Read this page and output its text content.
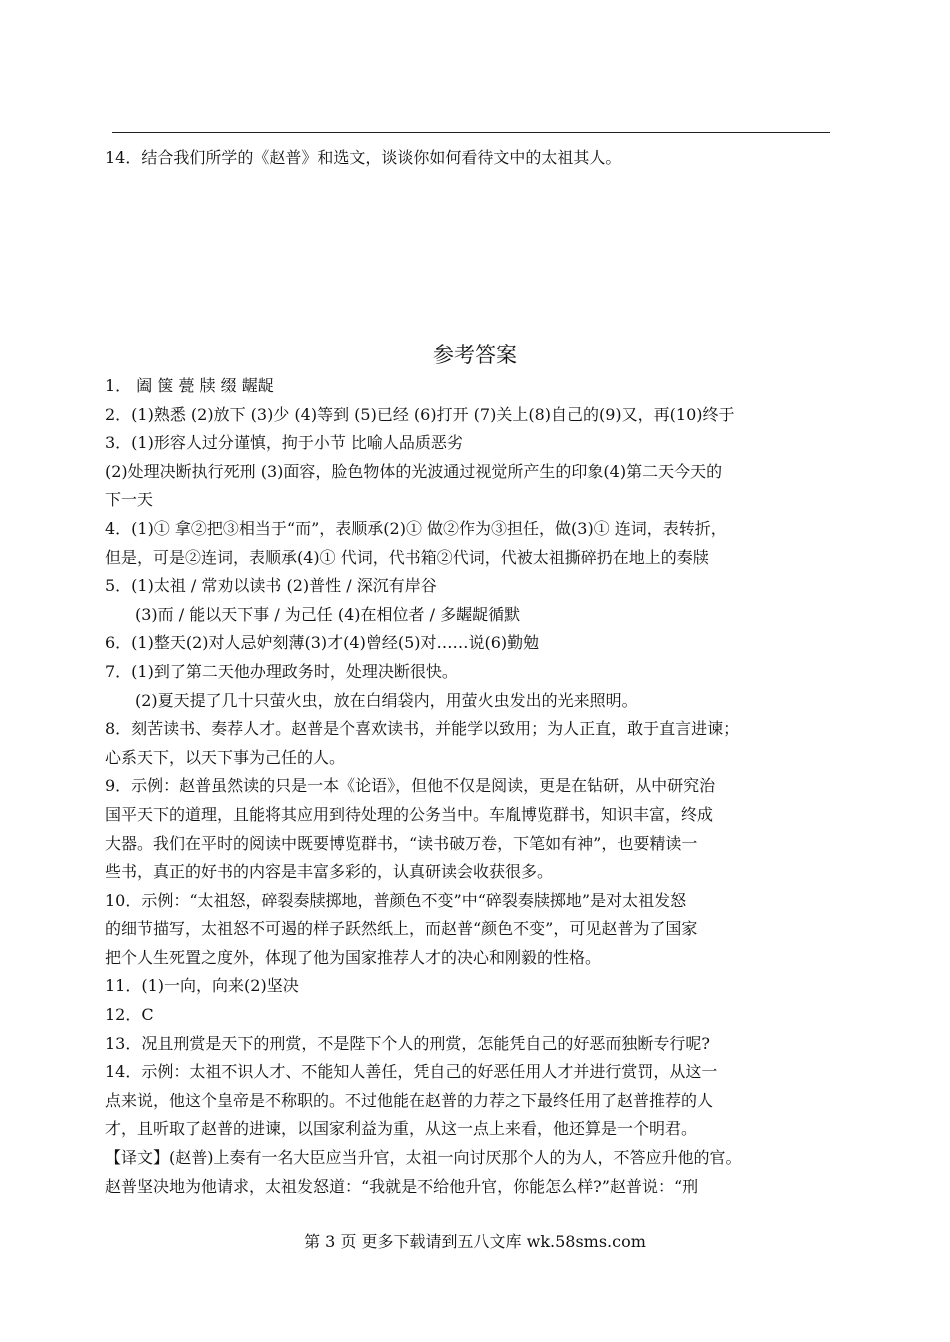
14．结合我们所学的《赵普》和选文，谈谈你如何看待文中的太祖其人。
参考答案
1． 阖 箧 甍 牍 缀 龌龊
2．(1)熟悉 (2)放下 (3)少 (4)等到 (5)已经 (6)打开 (7)关上(8)自己的(9)又，再(10)终于
3．(1)形容人过分谨慎，拘于小节 比喻人品质恶劣
(2)处理决断执行死刑 (3)面容，脸色物体的光波通过视觉所产生的印象(4)第二天今天的
下一天
4．(1)① 拿②把③相当于“而”，表顺承(2)① 做②作为③担任，做(3)① 连词，表转折，
但是，可是②连词，表顺承(4)① 代词，代书箱②代词，代被太祖撕碎扔在地上的奏牍
5．(1)太祖 / 常劝以读书 (2)普性 / 深沉有岸谷
(3)而 / 能以天下事 / 为己任 (4)在相位者 / 多龌龊循默
6．(1)整天(2)对人忌妒刻薄(3)才(4)曾经(5)对……说(6)勤勉
7．(1)到了第二天他办理政务时，处理决断很快。
(2)夏天提了几十只萤火虫，放在白绢袋内，用萤火虫发出的光来照明。
8．刻苦读书、奏荐人才。赵普是个喜欢读书，并能学以致用；为人正直，敢于直言进谏；
心系天下，以天下事为己任的人。
9．示例：赵普虽然读的只是一本《论语》，但他不仅是阅读，更是在钻研，从中研究治
国平天下的道理，且能将其应用到待处理的公务当中。车胤博览群书，知识丰富，终成
大器。我们在平时的阅读中既要博览群书，“读书破万卷，下笔如有神”，也要精读一
些书，真正的好书的内容是丰富多彩的，认真研读会收获很多。
10．示例：“太祖怒，碎裂奏牍掷地，普颜色不变”中“碎裂奏牍掷地”是对太祖发怒
的细节描写，太祖怒不可遏的样子跃然纸上，而赵普“颜色不变”，可见赵普为了国家
把个人生死置之度外，体现了他为国家推荐人才的决心和刚毅的性格。
11．(1)一向，向来(2)坚决
12．C
13．况且刑赏是天下的刑赏，不是陛下个人的刑赏，怎能凭自己的好恶而独断专行呢?
14．示例：太祖不识人才、不能知人善任，凭自己的好恶任用人才并进行赏罚，从这一
点来说，他这个皇帝是不称职的。不过他能在赵普的力荐之下最终任用了赵普推荐的人
才，且听取了赵普的进谏，以国家利益为重，从这一点上来看，他还算是一个明君。
【译文】(赵普)上奏有一名大臣应当升官，太祖一向讨厌那个人的为人，不答应升他的官。
赵普坚决地为他请求，太祖发怒道：“我就是不给他升官，你能怎么样?”赵普说：“刑
第 3 页 更多下载请到五八文库 wk.58sms.com
